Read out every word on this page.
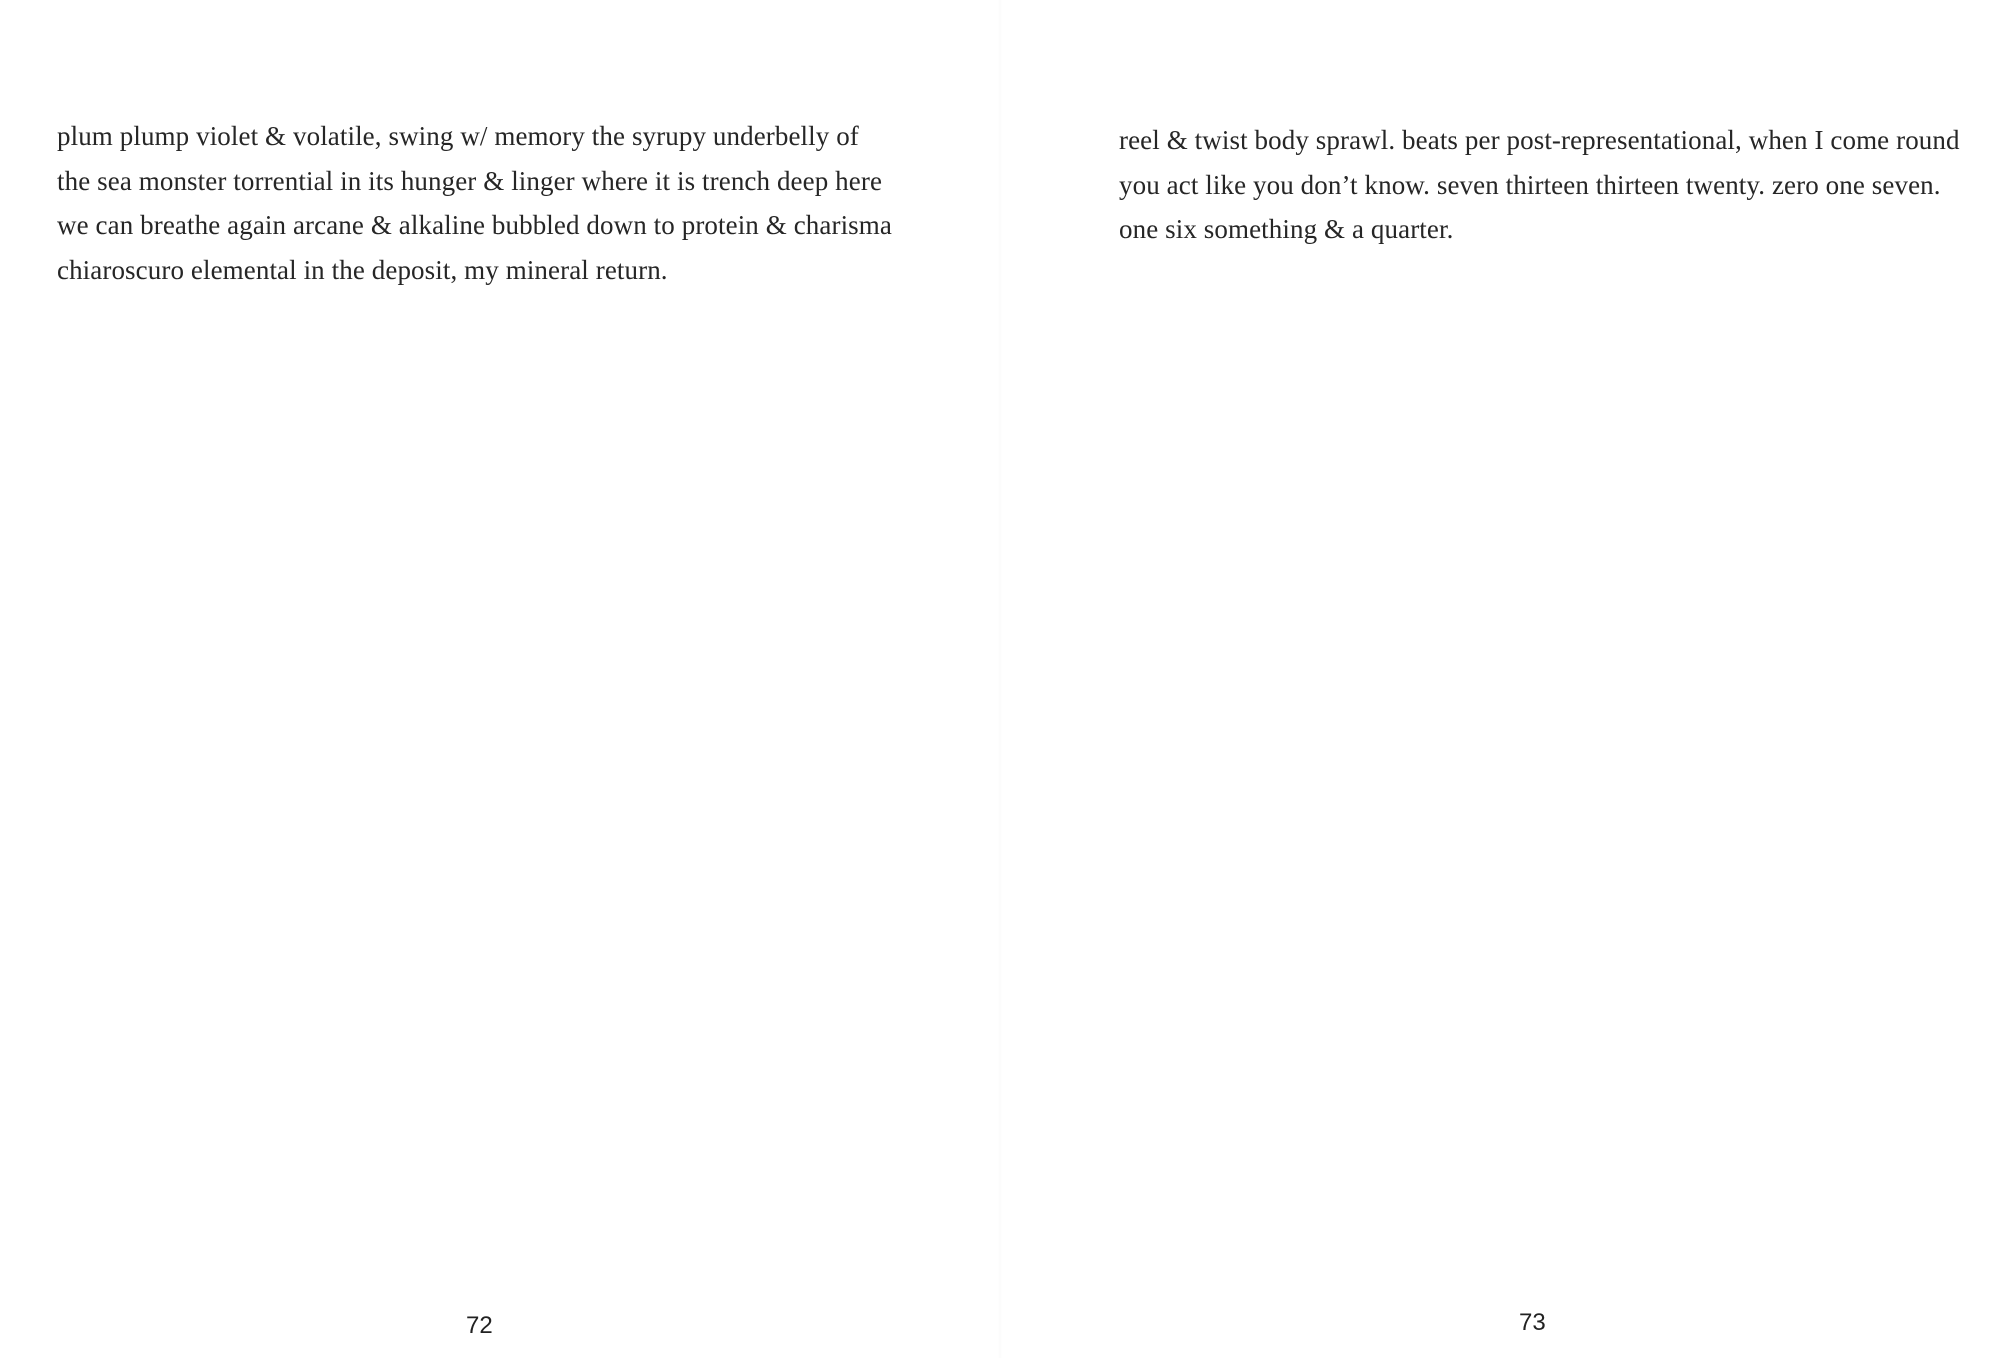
plum plump violet & volatile, swing w/ memory the syrupy underbelly of
the sea monster torrential in its hunger & linger where it is trench deep here
we can breathe again arcane & alkaline bubbled down to protein & charisma
chiaroscuro elemental in the deposit, my mineral return.

72

reel & twist body sprawl. beats per post-representational, when I come round
you act like you don’t know. seven thirteen thirteen twenty. zero one seven.
one six something & a quarter.

73
